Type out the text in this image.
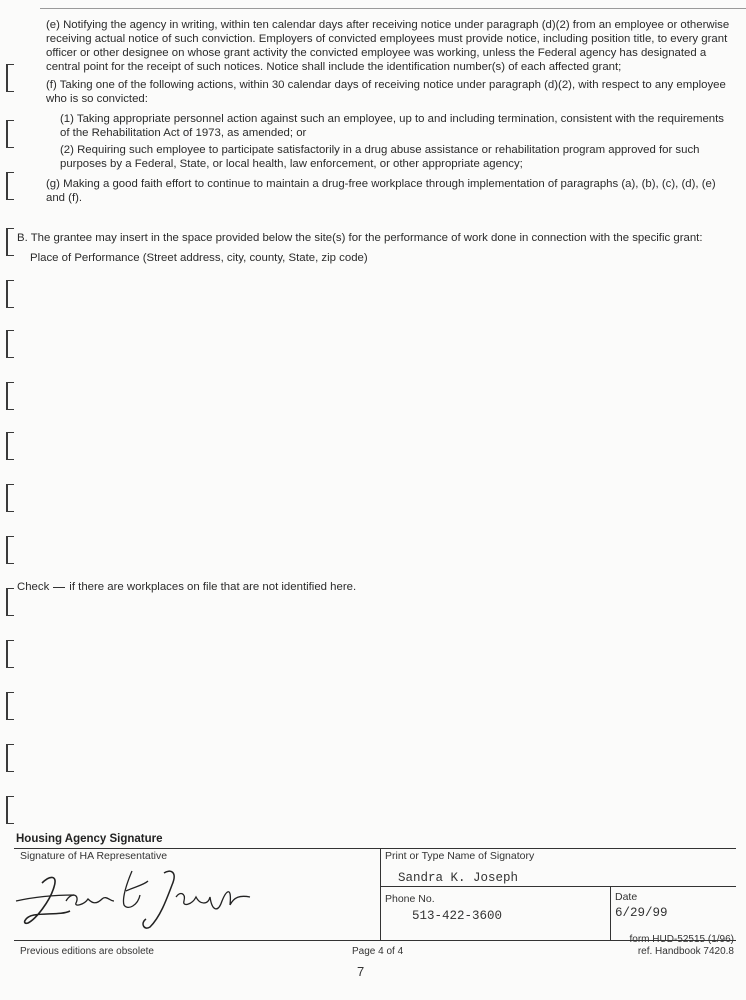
(e) Notifying the agency in writing, within ten calendar days after receiving notice under paragraph (d)(2) from an employee or otherwise receiving actual notice of such conviction. Employers of convicted employees must provide notice, including position title, to every grant officer or other designee on whose grant activity the convicted employee was working, unless the Federal agency has designated a central point for the receipt of such notices. Notice shall include the identification number(s) of each affected grant;
(f) Taking one of the following actions, within 30 calendar days of receiving notice under paragraph (d)(2), with respect to any employee who is so convicted:
(1) Taking appropriate personnel action against such an employee, up to and including termination, consistent with the requirements of the Rehabilitation Act of 1973, as amended; or
(2) Requiring such employee to participate satisfactorily in a drug abuse assistance or rehabilitation program approved for such purposes by a Federal, State, or local health, law enforcement, or other appropriate agency;
(g) Making a good faith effort to continue to maintain a drug-free workplace through implementation of paragraphs (a), (b), (c), (d), (e) and (f).
B. The grantee may insert in the space provided below the site(s) for the performance of work done in connection with the specific grant:
Place of Performance (Street address, city, county, State, zip code)
Check if there are workplaces on file that are not identified here.
Housing Agency Signature
Signature of HA Representative	Print or Type Name of Signatory
Sandra K. Joseph
Phone No.
513-422-3600
Date
6/29/99
Previous editions are obsolete	Page 4 of 4
form HUD-52515 (1/96)
ref. Handbook 7420.8
7
